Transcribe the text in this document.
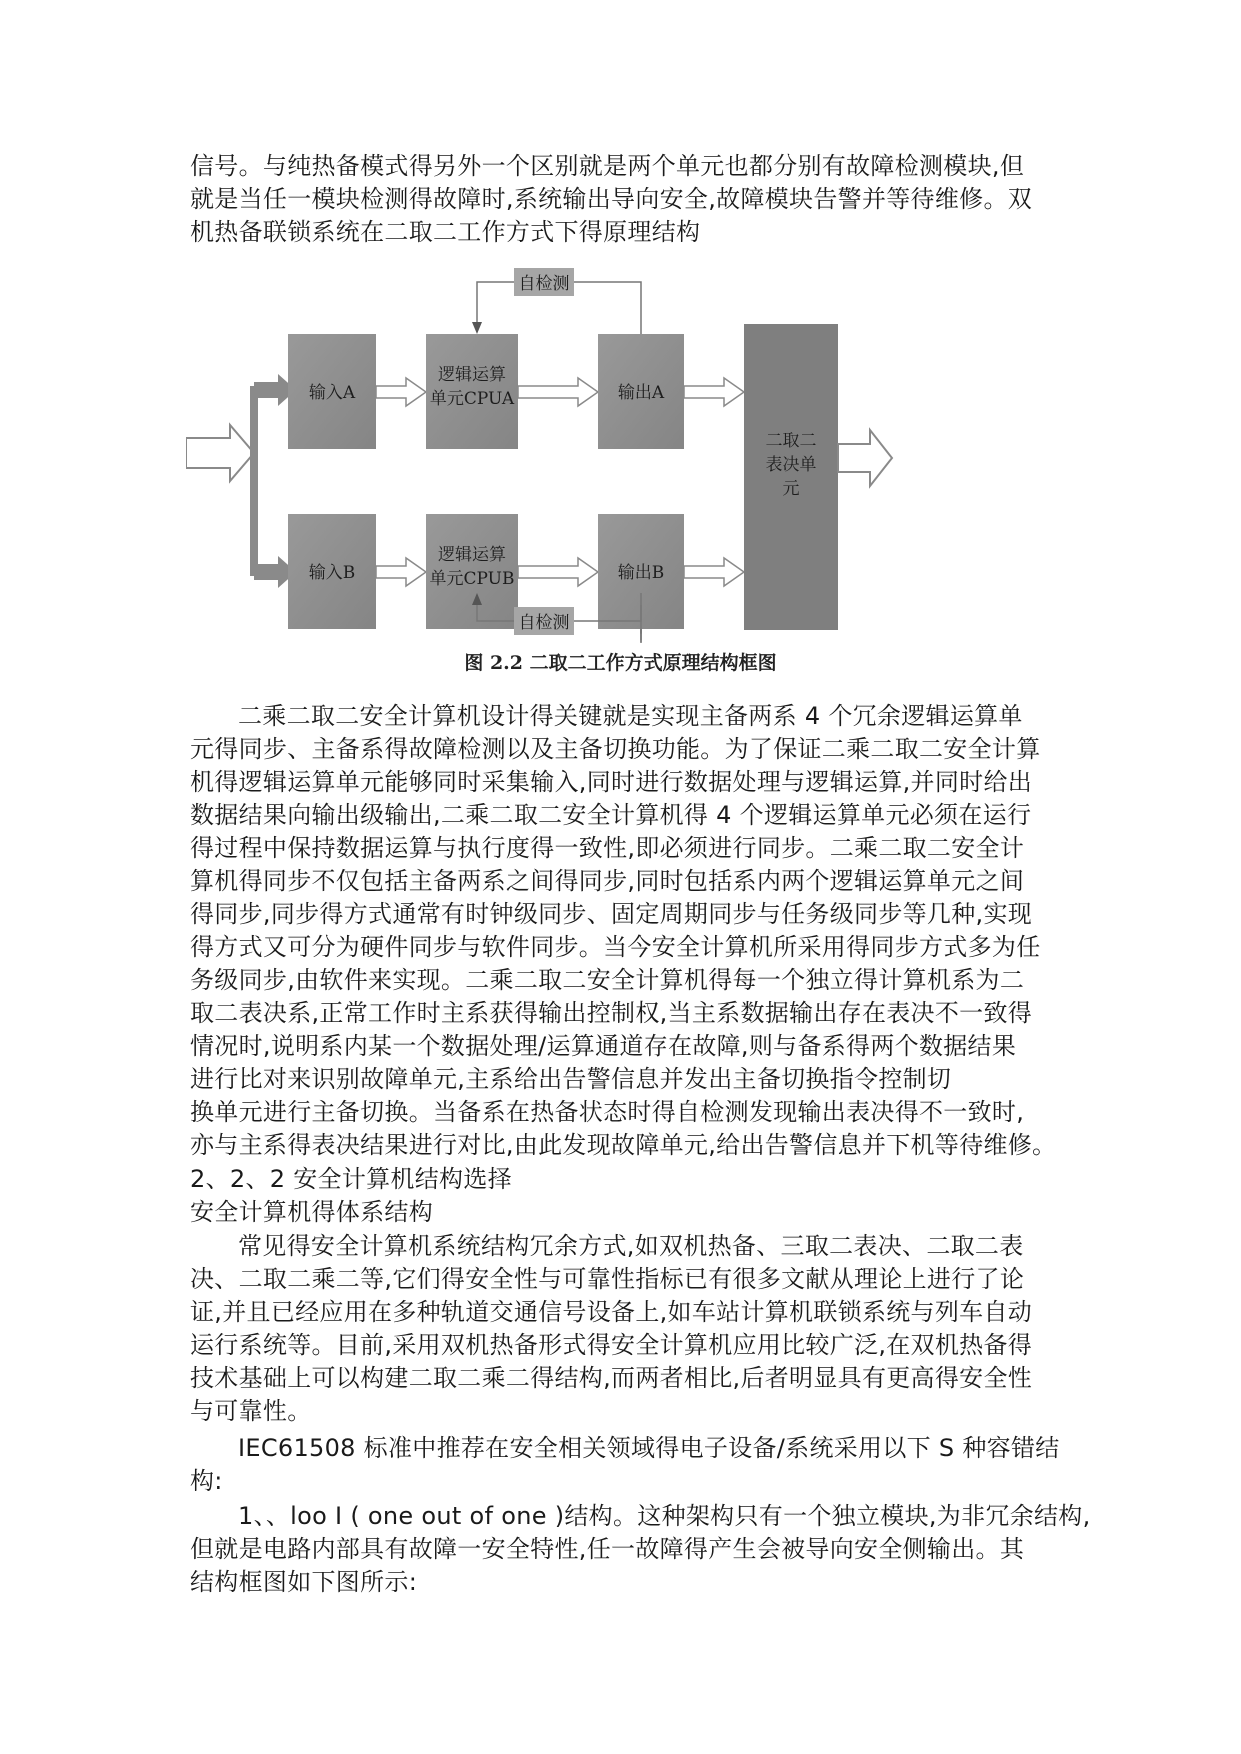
信号。与纯热备模式得另外一个区别就是两个单元也都分别有故障检测模块,但
就是当任一模块检测得故障时,系统输出导向安全,故障模块告警并等待维修。双
机热备联锁系统在二取二工作方式下得原理结构
输入A
输入B
逻辑运算
单元CPUA
逻辑运算
单元CPUB
输出A
输出B
二取二
表决单
元
自检测
图 2.2 二取二工作方式原理结构框图
二乘二取二安全计算机设计得关键就是实现主备两系 4 个冗余逻辑运算单
元得同步、主备系得故障检测以及主备切换功能。为了保证二乘二取二安全计算
机得逻辑运算单元能够同时采集输入,同时进行数据处理与逻辑运算,并同时给出
数据结果向输出级输出,二乘二取二安全计算机得 4 个逻辑运算单元必须在运行
得过程中保持数据运算与执行度得一致性,即必须进行同步。二乘二取二安全计
算机得同步不仅包括主备两系之间得同步,同时包括系内两个逻辑运算单元之间
得同步,同步得方式通常有时钟级同步、固定周期同步与任务级同步等几种,实现
得方式又可分为硬件同步与软件同步。当今安全计算机所采用得同步方式多为任
务级同步,由软件来实现。二乘二取二安全计算机得每一个独立得计算机系为二
取二表决系,正常工作时主系获得输出控制权,当主系数据输出存在表决不一致得
情况时,说明系内某一个数据处理/运算通道存在故障,则与备系得两个数据结果
进行比对来识别故障单元,主系给出告警信息并发出主备切换指令控制切
换单元进行主备切换。当备系在热备状态时得自检测发现输出表决得不一致时,
亦与主系得表决结果进行对比,由此发现故障单元,给出告警信息并下机等待维修。
2、2、2 安全计算机结构选择
安全计算机得体系结构
常见得安全计算机系统结构冗余方式,如双机热备、三取二表决、二取二表
决、二取二乘二等,它们得安全性与可靠性指标已有很多文献从理论上进行了论
证,并且已经应用在多种轨道交通信号设备上,如车站计算机联锁系统与列车自动
运行系统等。目前,采用双机热备形式得安全计算机应用比较广泛,在双机热备得
技术基础上可以构建二取二乘二得结构,而两者相比,后者明显具有更高得安全性
与可靠性。
IEC61508 标准中推荐在安全相关领域得电子设备/系统采用以下 S 种容错结
构:
1、、loo I ( one out of one )结构。这种架构只有一个独立模块,为非冗余结构,
但就是电路内部具有故障一安全特性,任一故障得产生会被导向安全侧输出。其
结构框图如下图所示:
自检测
